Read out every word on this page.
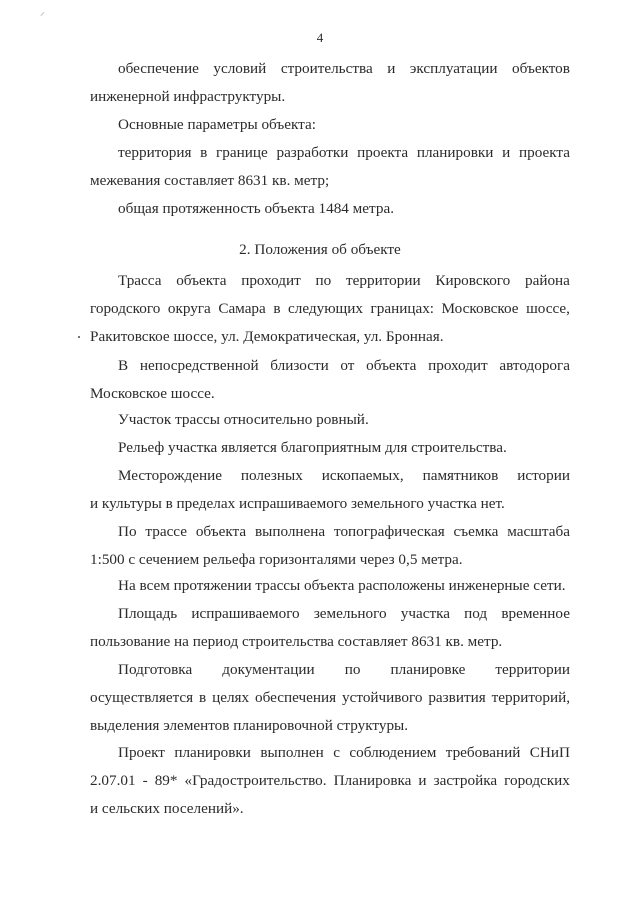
⸝
4
обеспечение условий строительства и эксплуатации объектов
инженерной инфраструктуры.
Основные параметры объекта:
территория в границе разработки проекта планировки и проекта
межевания составляет 8631 кв. метр;
общая протяженность объекта 1484 метра.
2. Положения об объекте
Трасса объекта проходит по территории Кировского района
городского округа Самара в следующих границах: Московское шоссе,
Ракитовское шоссе, ул. Демократическая, ул. Бронная.
В непосредственной близости от объекта проходит автодорога
Московское шоссе.
Участок трассы относительно ровный.
Рельеф участка является благоприятным для строительства.
Месторождение полезных ископаемых, памятников истории
и культуры в пределах испрашиваемого земельного участка нет.
По трассе объекта выполнена топографическая съемка масштаба
1:500 с сечением рельефа горизонталями через 0,5 метра.
На всем протяжении трассы объекта расположены инженерные сети.
Площадь испрашиваемого земельного участка под временное
пользование на период строительства составляет 8631 кв. метр.
Подготовка документации по планировке территории
осуществляется в целях обеспечения устойчивого развития территорий,
выделения элементов планировочной структуры.
Проект планировки выполнен с соблюдением требований СНиП
2.07.01 - 89* «Градостроительство. Планировка и застройка городских
и сельских поселений».
